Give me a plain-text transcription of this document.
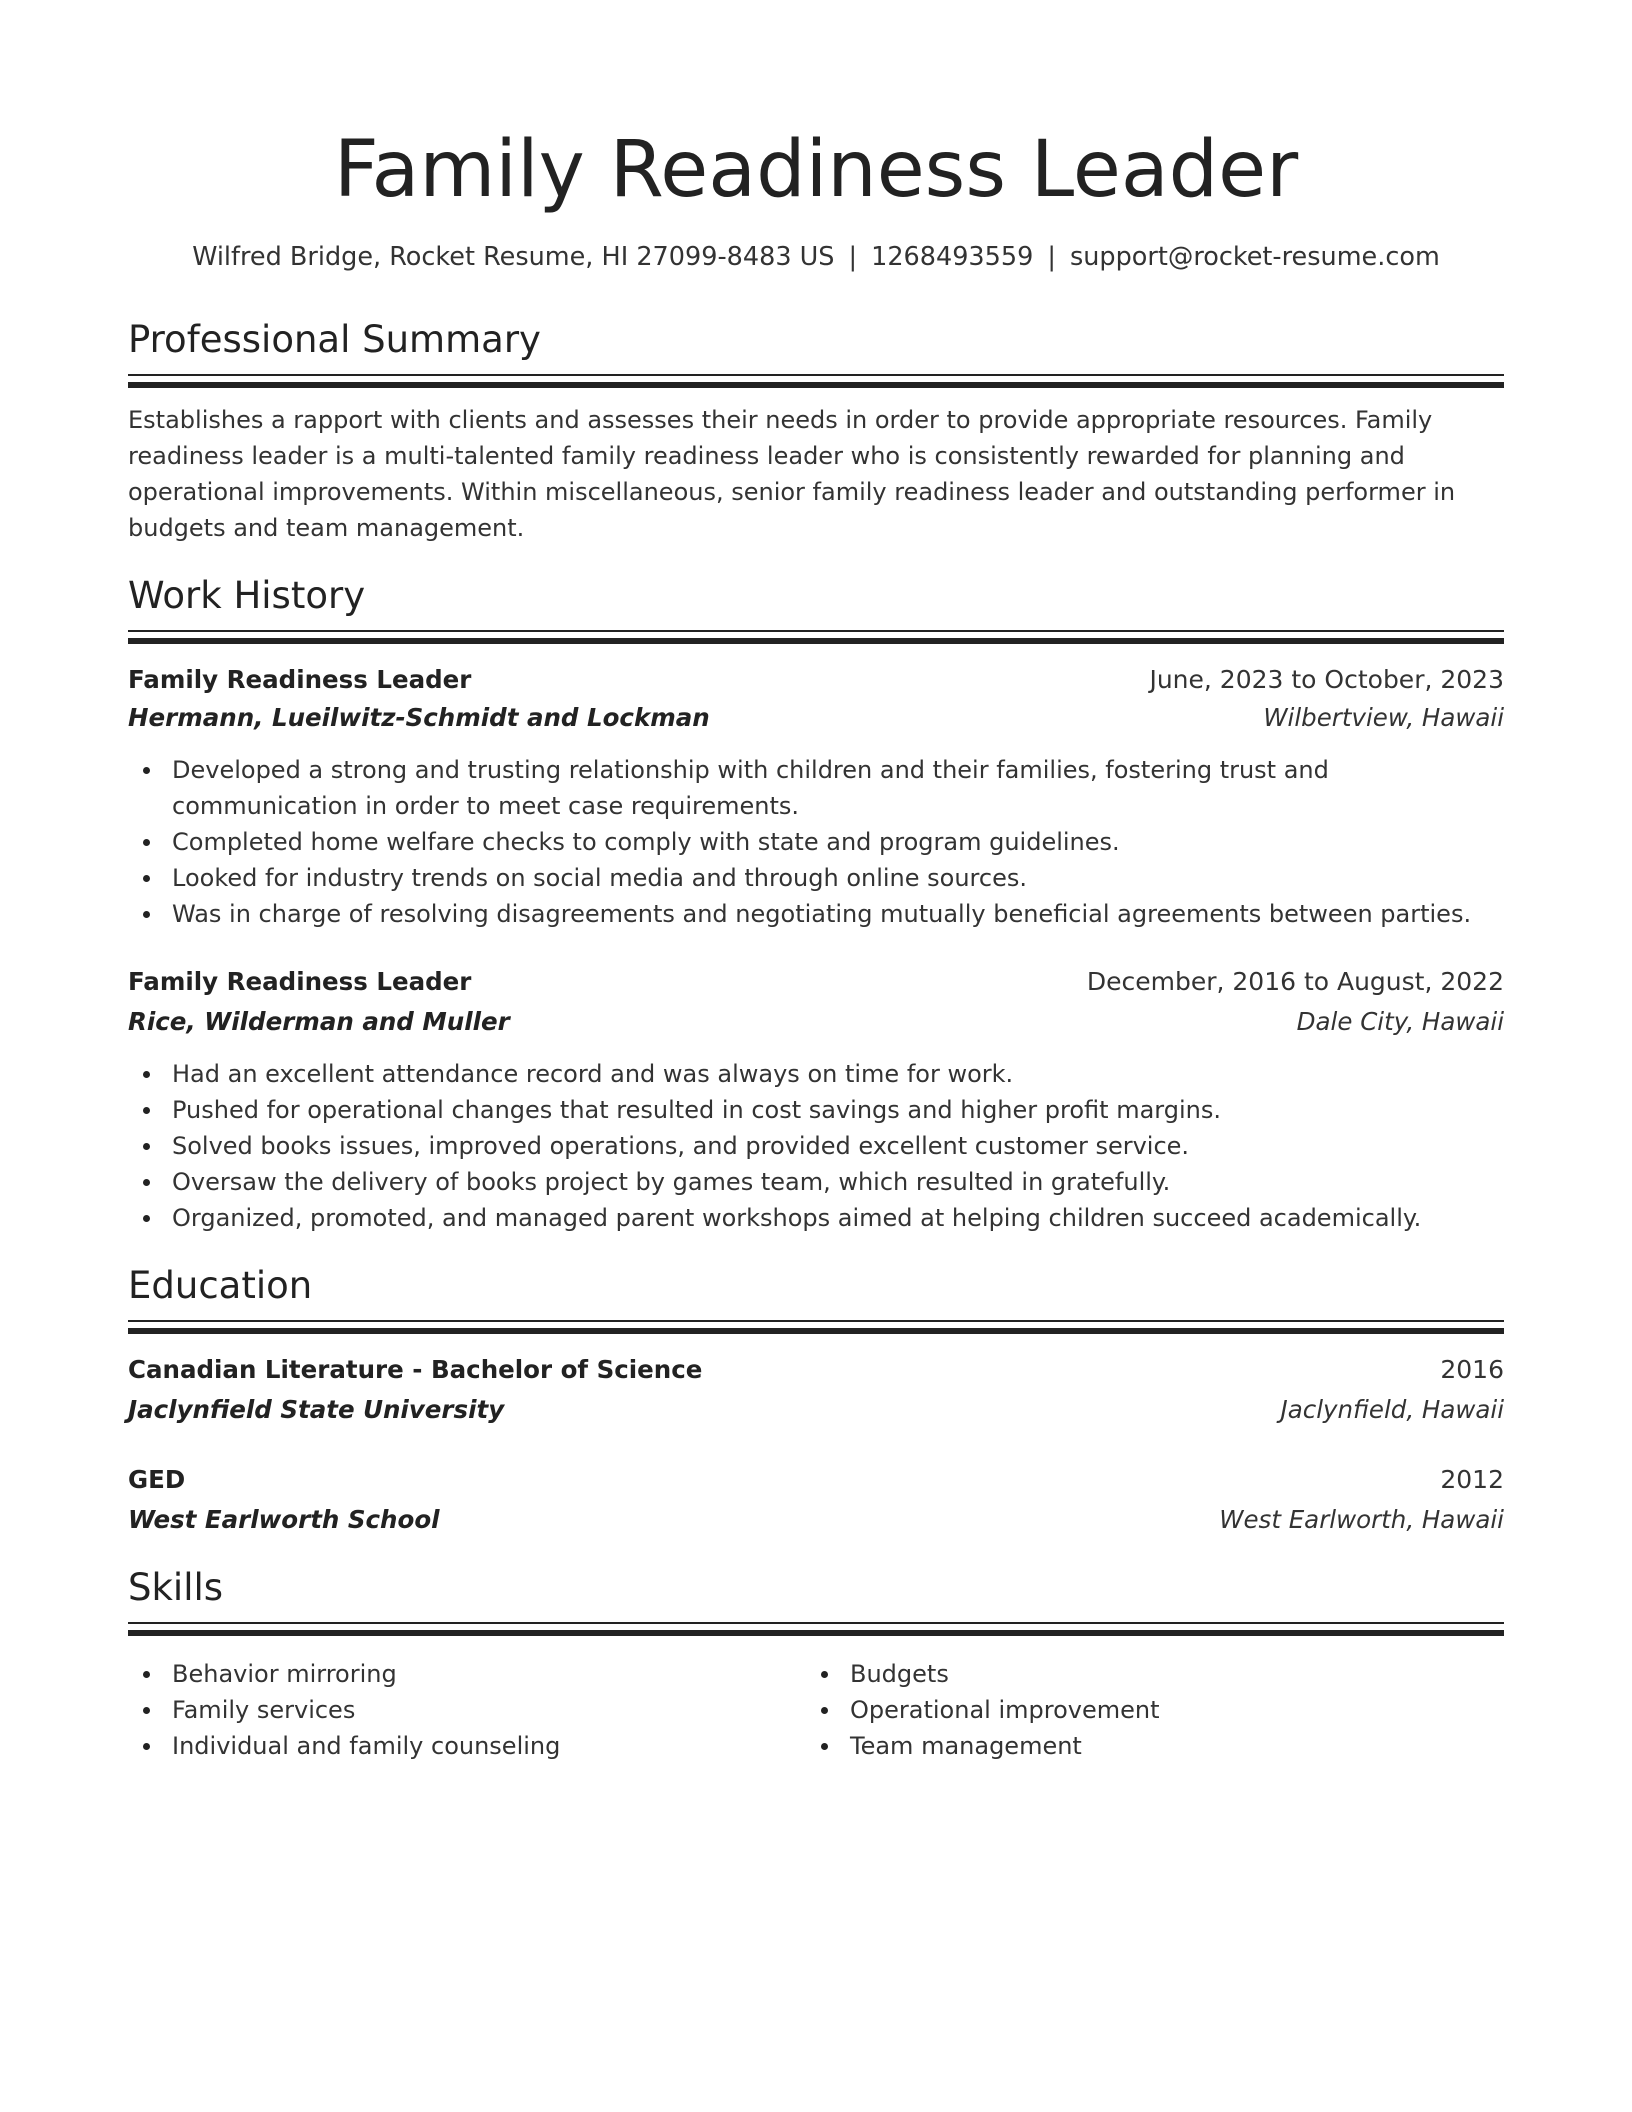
Family Readiness Leader
Wilfred Bridge, Rocket Resume, HI 27099-8483 US | 1268493559 | support@rocket-resume.com
Professional Summary

Establishes a rapport with clients and assesses their needs in order to provide appropriate resources. Family readiness leader is a multi-talented family readiness leader who is consistently rewarded for planning and operational improvements. Within miscellaneous, senior family readiness leader and outstanding performer in budgets and team management.

Work History
Family Readiness Leader	June, 2023 to October, 2023
Hermann, Lueilwitz-Schmidt and Lockman	Wilbertview, Hawaii
Developed a strong and trusting relationship with children and their families, fostering trust and communication in order to meet case requirements.
Completed home welfare checks to comply with state and program guidelines.
Looked for industry trends on social media and through online sources.
Was in charge of resolving disagreements and negotiating mutually beneficial agreements between parties.
Family Readiness Leader	December, 2016 to August, 2022
Rice, Wilderman and Muller	Dale City, Hawaii
Had an excellent attendance record and was always on time for work.
Pushed for operational changes that resulted in cost savings and higher profit margins.
Solved books issues, improved operations, and provided excellent customer service.
Oversaw the delivery of books project by games team, which resulted in gratefully.
Organized, promoted, and managed parent workshops aimed at helping children succeed academically.
Education
Canadian Literature - Bachelor of Science	2016
Jaclynfield State University	Jaclynfield, Hawaii
GED	2012
West Earlworth School	West Earlworth, Hawaii
Skills
Behavior mirroring
Family services
Individual and family counseling
Budgets
Operational improvement
Team management
